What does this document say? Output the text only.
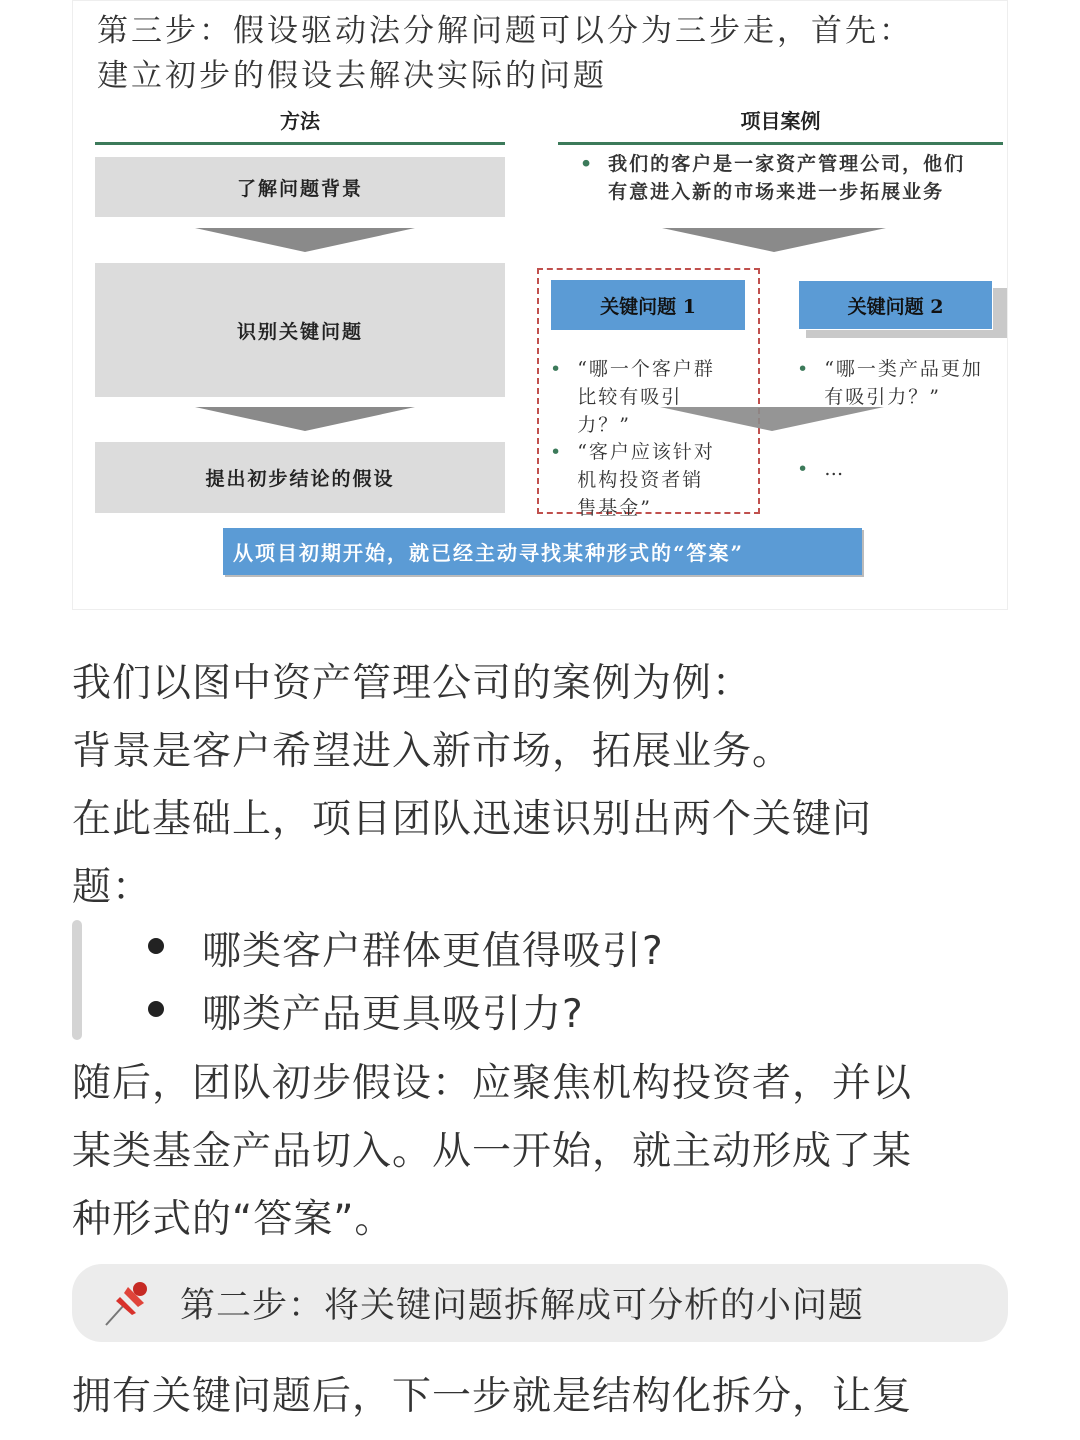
第三步：假设驱动法分解问题可以分为三步走，首先：
建立初步的假设去解决实际的问题
方法	项目案例
了解问题背景
识别关键问题
提出初步结论的假设
• 我们的客户是一家资产管理公司，他们有意进入新的市场来进一步拓展业务
关键问题 1	关键问题 2
• “哪一个客户群比较有吸引力？”
• “客户应该针对机构投资者销售基金”
• “哪一类产品更加有吸引力？”
• …
从项目初期开始，就已经主动寻找某种形式的“答案”
我们以图中资产管理公司的案例为例：
背景是客户希望进入新市场，拓展业务。
在此基础上，项目团队迅速识别出两个关键问
题：
哪类客户群体更值得吸引?
哪类产品更具吸引力?
随后，团队初步假设：应聚焦机构投资者，并以
某类基金产品切入。从一开始，就主动形成了某
种形式的“答案”。
第二步：将关键问题拆解成可分析的小问题
拥有关键问题后，下一步就是结构化拆分，让复
